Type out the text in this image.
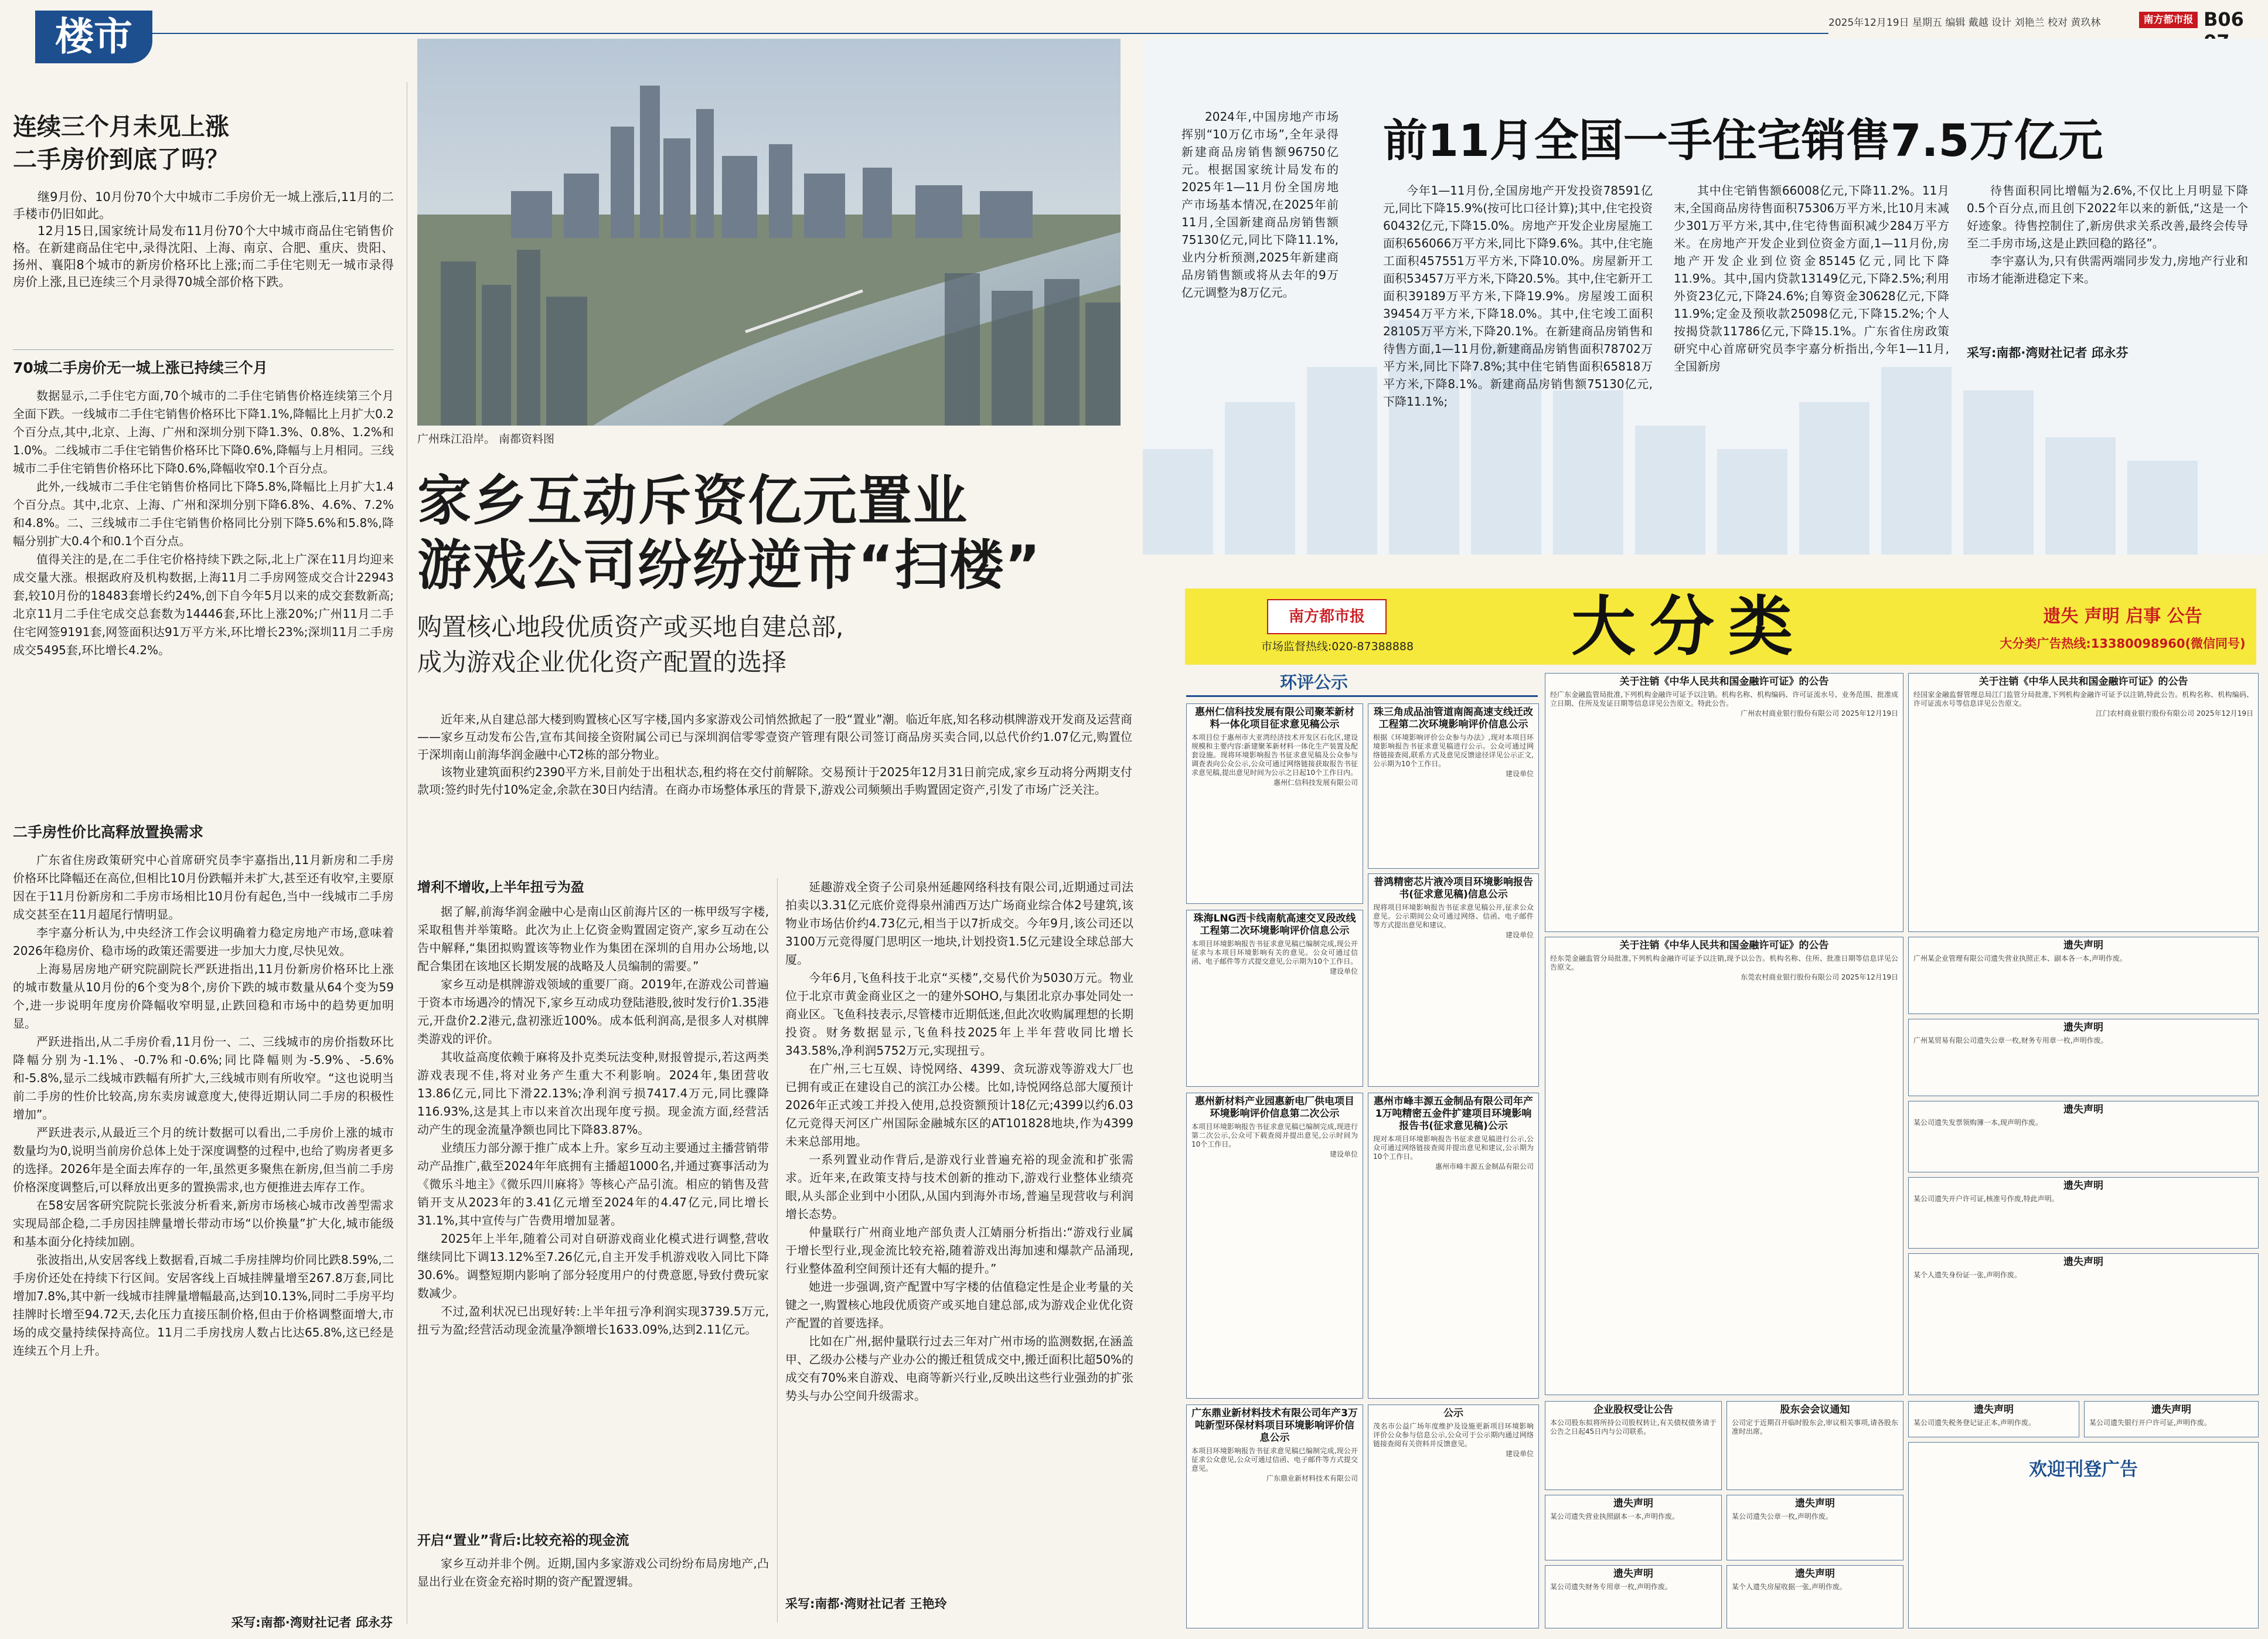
楼市	2025年12月19日 星期五 编辑 戴越 设计 刘艳兰 校对 黄玖林	南方都市报 B06
连续三个月未见上涨
二手房价到底了吗？

继9月份、10月份70个大中城市二手房价无一城上涨后,11月的二手楼市仍旧如此。

12月15日,国家统计局发布11月份70个大中城市商品住宅销售价格。在新建商品住宅中,录得沈阳、上海、南京、合肥、重庆、贵阳、扬州、襄阳8个城市的新房价格环比上涨;而二手住宅则无一城市录得房价上涨,且已连续三个月录得70城全部价格下跌。

70城二手房价无一城上涨已持续三个月

数据显示,二手住宅方面,70个城市的二手住宅销售价格连续第三个月全面下跌。一线城市二手住宅销售价格环比下降1.1%,降幅比上月扩大0.2个百分点,其中,北京、上海、广州和深圳分别下降1.3%、0.8%、1.2%和1.0%。二线城市二手住宅销售价格环比下降0.6%,降幅与上月相同。三线城市二手住宅销售价格环比下降0.6%,降幅收窄0.1个百分点。

此外,一线城市二手住宅销售价格同比下降5.8%,降幅比上月扩大1.4个百分点。其中,北京、上海、广州和深圳分别下降6.8%、4.6%、7.2%和4.8%。二、三线城市二手住宅销售价格同比分别下降5.6%和5.8%,降幅分别扩大0.4个和0.1个百分点。

值得关注的是,在二手住宅价格持续下跌之际,北上广深在11月均迎来成交量大涨。根据政府及机构数据,上海11月二手房网签成交合计22943套,较10月份的18483套增长约24%,创下自今年5月以来的成交套数新高;北京11月二手住宅成交总套数为14446套,环比上涨20%;广州11月二手住宅网签9191套,网签面积达91万平方米,环比增长23%;深圳11月二手房成交5495套,环比增长4.2%。

二手房性价比高释放置换需求

广东省住房政策研究中心首席研究员李宇嘉指出,11月新房和二手房价格环比降幅还在高位,但相比10月份跌幅并未扩大,甚至还有收窄,主要原因在于11月份新房和二手房市场相比10月份有起色,当中一线城市二手房成交甚至在11月超尾行情明显。

李宇嘉分析认为,中央经济工作会议明确着力稳定房地产市场,意味着2026年稳房价、稳市场的政策还需要进一步加大力度,尽快见效。

上海易居房地产研究院副院长严跃进指出,11月份新房价格环比上涨的城市数量从10月份的6个变为8个,房价下跌的城市数量从64个变为59个,进一步说明年度房价降幅收窄明显,止跌回稳和市场中的趋势更加明显。

严跃进指出,从二手房价看,11月份一、二、三线城市的房价指数环比降幅分别为-1.1%、-0.7%和-0.6%;同比降幅则为-5.9%、-5.6%和-5.8%,显示二线城市跌幅有所扩大,三线城市则有所收窄。“这也说明当前二手房的性价比较高,房东卖房诚意度大,使得近期认同二手房的积极性增加”。

严跃进表示,从最近三个月的统计数据可以看出,二手房价上涨的城市数量均为0,说明当前房价总体上处于深度调整的过程中,也给了购房者更多的选择。2026年是全面去库存的一年,虽然更多聚焦在新房,但当前二手房价格深度调整后,可以释放出更多的置换需求,也方便推进去库存工作。

在58安居客研究院院长张波分析看来,新房市场核心城市改善型需求实现局部企稳,二手房因挂牌量增长带动市场“以价换量”扩大化,城市能级和基本面分化持续加剧。

张波指出,从安居客线上数据看,百城二手房挂牌均价同比跌8.59%,二手房价还处在持续下行区间。安居客线上百城挂牌量增至267.8万套,同比增加7.8%,其中新一线城市挂牌量增幅最高,达到10.13%,同时二手房平均挂牌时长增至94.72天,去化压力直接压制价格,但由于价格调整面增大,市场的成交量持续保持高位。11月二手房找房人数占比达65.8%,这已经是连续五个月上升。

采写:南都·湾财社记者 邱永芬
广州珠江沿岸。 南都资料图
家乡互动斥资亿元置业
游戏公司纷纷逆市“扫楼”
购置核心地段优质资产或买地自建总部,
成为游戏企业优化资产配置的选择

近年来,从自建总部大楼到购置核心区写字楼,国内多家游戏公司悄然掀起了一股“置业”潮。临近年底,知名移动棋牌游戏开发商及运营商——家乡互动发布公告,宣布其间接全资附属公司已与深圳润信零零壹资产管理有限公司签订商品房买卖合同,以总代价约1.07亿元,购置位于深圳南山前海华润金融中心T2栋的部分物业。

该物业建筑面积约2390平方米,目前处于出租状态,租约将在交付前解除。交易预计于2025年12月31日前完成,家乡互动将分两期支付款项:签约时先付10%定金,余款在30日内结清。在商办市场整体承压的背景下,游戏公司频频出手购置固定资产,引发了市场广泛关注。

增利不增收,上半年扭亏为盈

据了解,前海华润金融中心是南山区前海片区的一栋甲级写字楼,采取租售并举策略。此次为止上亿资金购置固定资产,家乡互动在公告中解释,“集团拟购置该等物业作为集团在深圳的自用办公场地,以配合集团在该地区长期发展的战略及人员编制的需要。”

家乡互动是棋牌游戏领域的重要厂商。2019年,在游戏公司普遍于资本市场遇冷的情况下,家乡互动成功登陆港股,彼时发行价1.35港元,开盘价2.2港元,盘初涨近100%。成本低利润高,是很多人对棋牌类游戏的评价。

其收益高度依赖于麻将及扑克类玩法变种,财报曾提示,若这两类游戏表现不佳,将对业务产生重大不利影响。2024年,集团营收13.86亿元,同比下滑22.13%;净利润亏损7417.4万元,同比骤降116.93%,这是其上市以来首次出现年度亏损。现金流方面,经营活动产生的现金流量净额也同比下降83.87%。

业绩压力部分源于推广成本上升。家乡互动主要通过主播营销带动产品推广,截至2024年年底拥有主播超1000名,并通过赛事活动为《微乐斗地主》《微乐四川麻将》等核心产品引流。相应的销售及营销开支从2023年的3.41亿元增至2024年的4.47亿元,同比增长31.1%,其中宣传与广告费用增加显著。

2025年上半年,随着公司对自研游戏商业化模式进行调整,营收继续同比下调13.12%至7.26亿元,自主开发手机游戏收入同比下降30.6%。调整短期内影响了部分轻度用户的付费意愿,导致付费玩家数减少。

不过,盈利状况已出现好转:上半年扭亏净利润实现3739.5万元,扭亏为盈;经营活动现金流量净额增长1633.09%,达到2.11亿元。

开启“置业”背后:比较充裕的现金流

家乡互动并非个例。近期,国内多家游戏公司纷纷布局房地产,凸显出行业在资金充裕时期的资产配置逻辑。

延趣游戏全资子公司泉州延趣网络科技有限公司,近期通过司法拍卖以3.31亿元底价竞得泉州浦西万达广场商业综合体2号建筑,该物业市场估价约4.73亿元,相当于以7折成交。今年9月,该公司还以3100万元竞得厦门思明区一地块,计划投资1.5亿元建设全球总部大厦。

今年6月,飞鱼科技于北京“买楼”,交易代价为5030万元。物业位于北京市黄金商业区之一的建外SOHO,与集团北京办事处同处一商业区。飞鱼科技表示,尽管楼市近期低迷,但此次收购属理想的长期投资。财务数据显示,飞鱼科技2025年上半年营收同比增长343.58%,净利润5752万元,实现扭亏。

在广州,三七互娱、诗悦网络、4399、贪玩游戏等游戏大厂也已拥有或正在建设自己的滨江办公楼。比如,诗悦网络总部大厦预计2026年正式竣工并投入使用,总投资额预计18亿元;4399以约6.03亿元竞得天河区广州国际金融城东区的AT101828地块,作为4399未来总部用地。

一系列置业动作背后,是游戏行业普遍充裕的现金流和扩张需求。近年来,在政策支持与技术创新的推动下,游戏行业整体业绩亮眼,从头部企业到中小团队,从国内到海外市场,普遍呈现营收与利润增长态势。

仲量联行广州商业地产部负责人江婧丽分析指出:“游戏行业属于增长型行业,现金流比较充裕,随着游戏出海加速和爆款产品涌现,行业整体盈利空间预计还有大幅的提升。”

她进一步强调,资产配置中写字楼的估值稳定性是企业考量的关键之一,购置核心地段优质资产或买地自建总部,成为游戏企业优化资产配置的首要选择。

比如在广州,据仲量联行过去三年对广州市场的监测数据,在涵盖甲、乙级办公楼与产业办公的搬迁租赁成交中,搬迁面积比超50%的成交有70%来自游戏、电商等新兴行业,反映出这些行业强劲的扩张势头与办公空间升级需求。

采写:南都·湾财社记者 王艳玲

2024年,中国房地产市场挥别“10万亿市场”,全年录得新建商品房销售额96750亿元。根据国家统计局发布的2025年1—11月份全国房地产市场基本情况,在2025年前11月,全国新建商品房销售额75130亿元,同比下降11.1%,业内分析预测,2025年新建商品房销售额或将从去年的9万亿元调整为8万亿元。

前11月全国一手住宅销售7.5万亿元

今年1—11月份,全国房地产开发投资78591亿元,同比下降15.9%(按可比口径计算);其中,住宅投资60432亿元,下降15.0%。房地产开发企业房屋施工面积656066万平方米,同比下降9.6%。其中,住宅施工面积457551万平方米,下降10.0%。房屋新开工面积53457万平方米,下降20.5%。其中,住宅新开工面积39189万平方米,下降19.9%。房屋竣工面积39454万平方米,下降18.0%。其中,住宅竣工面积28105万平方米,下降20.1%。在新建商品房销售和待售方面,1—11月份,新建商品房销售面积78702万平方米,同比下降7.8%;其中住宅销售面积65818万平方米,下降8.1%。新建商品房销售额75130亿元,下降11.1%;

其中住宅销售额66008亿元,下降11.2%。11月末,全国商品房待售面积75306万平方米,比10月末减少301万平方米,其中,住宅待售面积减少284万平方米。在房地产开发企业到位资金方面,1—11月份,房地产开发企业到位资金85145亿元,同比下降11.9%。其中,国内贷款13149亿元,下降2.5%;利用外资23亿元,下降24.6%;自筹资金30628亿元,下降11.9%;定金及预收款25098亿元,下降15.2%;个人按揭贷款11786亿元,下降15.1%。广东省住房政策研究中心首席研究员李宇嘉分析指出,今年1—11月,全国新房

待售面积同比增幅为2.6%,不仅比上月明显下降0.5个百分点,而且创下2022年以来的新低,“这是一个好迹象。待售控制住了,新房供求关系改善,最终会传导至二手房市场,这是止跌回稳的路径”。

李宇嘉认为,只有供需两端同步发力,房地产行业和市场才能渐进稳定下来。

采写:南都·湾财社记者 邱永芬
南方都市报
市场监督热线:020-87388888	大分类	遗失 声明 启事 公告
大分类广告热线:13380098960(微信同号)
环评公示
惠州仁信科技发展有限公司聚苯新材料一体化项目征求意见稿公示
本项目位于惠州市大亚湾经济技术开发区石化区,建设规模和主要内容:新建聚苯新材料一体化生产装置及配套设施。现将环境影响报告书征求意见稿及公众参与调查表向公众公示,公众可通过网络链接获取报告书征求意见稿,提出意见时间为公示之日起10个工作日内。
惠州仁信科技发展有限公司
珠三角成品油管道南阁高速支线迁改工程第二次环境影响评价信息公示
根据《环境影响评价公众参与办法》,现对本项目环境影响报告书征求意见稿进行公示。公众可通过网络链接查阅,联系方式及意见反馈途径详见公示正文,公示期为10个工作日。
建设单位
珠海LNG西卡线南航高速交叉段改线工程第二次环境影响评价信息公示
本项目环境影响报告书征求意见稿已编制完成,现公开征求与本项目环境影响有关的意见。公众可通过信函、电子邮件等方式提交意见,公示期为10个工作日。
建设单位
普鸿精密芯片液冷项目环境影响报告书(征求意见稿)信息公示
现将项目环境影响报告书征求意见稿公开,征求公众意见。公示期间公众可通过网络、信函、电子邮件等方式提出意见和建议。
建设单位
惠州新材料产业园惠新电厂供电项目环境影响评价信息第二次公示
本项目环境影响报告书征求意见稿已编制完成,现进行第二次公示,公众可下载查阅并提出意见,公示时间为10个工作日。
建设单位
惠州市峰丰源五金制品有限公司年产1万吨精密五金件扩建项目环境影响报告书(征求意见稿)公示
现对本项目环境影响报告书征求意见稿进行公示,公众可通过网络链接查阅并提出意见和建议,公示期为10个工作日。
惠州市峰丰源五金制品有限公司
广东鼎业新材料技术有限公司年产3万吨新型环保材料项目环境影响评价信息公示
本项目环境影响报告书征求意见稿已编制完成,现公开征求公众意见,公众可通过信函、电子邮件等方式提交意见。
广东鼎业新材料技术有限公司
公示
茂名市公益广场年度维护及设施更新项目环境影响评价公众参与信息公示,公众可于公示期内通过网络链接查阅有关资料并反馈意见。
建设单位
关于注销《中华人民共和国金融许可证》的公告
经广东金融监管局批准,下列机构金融许可证予以注销。机构名称、机构编码、许可证流水号、业务范围、批准成立日期、住所及发证日期等信息详见公告原文。特此公告。
广州农村商业银行股份有限公司 2025年12月19日
关于注销《中华人民共和国金融许可证》的公告
经国家金融监督管理总局江门监管分局批准,下列机构金融许可证予以注销,特此公告。机构名称、机构编码、许可证流水号等信息详见公告原文。
江门农村商业银行股份有限公司 2025年12月19日
关于注销《中华人民共和国金融许可证》的公告
经东莞金融监管分局批准,下列机构金融许可证予以注销,现予以公告。机构名称、住所、批准日期等信息详见公告原文。
东莞农村商业银行股份有限公司 2025年12月19日
遗失声明
广州某企业管理有限公司遗失营业执照正本、副本各一本,声明作废。
遗失声明
广州某贸易有限公司遗失公章一枚,财务专用章一枚,声明作废。
遗失声明
某公司遗失发票领购簿一本,现声明作废。
遗失声明
某公司遗失开户许可证,核准号作废,特此声明。
遗失声明
某个人遗失身份证一张,声明作废。
企业股权受让公告
本公司股东拟将所持公司股权转让,有关债权债务请于公告之日起45日内与公司联系。
股东会会议通知
公司定于近期召开临时股东会,审议相关事项,请各股东准时出席。
遗失声明
某公司遗失营业执照副本一本,声明作废。
遗失声明
某公司遗失公章一枚,声明作废。
遗失声明
某公司遗失财务专用章一枚,声明作废。
遗失声明
某个人遗失房屋收据一张,声明作废。
遗失声明
某公司遗失税务登记证正本,声明作废。
遗失声明
某公司遗失银行开户许可证,声明作废。
欢迎刊登广告
